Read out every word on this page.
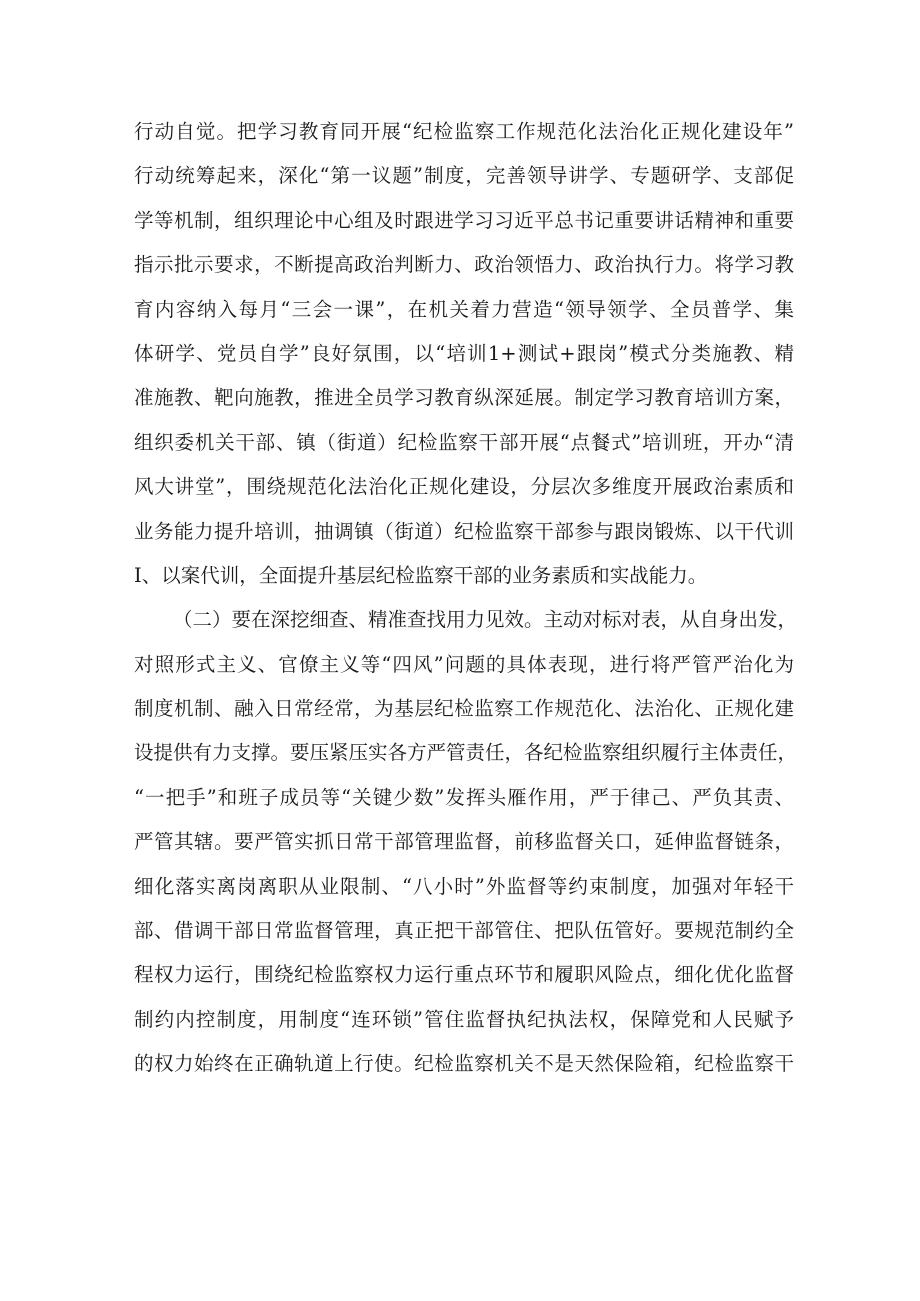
行动自觉。把学习教育同开展“纪检监察工作规范化法治化正规化建设年”
行动统筹起来，深化“第一议题”制度，完善领导讲学、专题研学、支部促
学等机制，组织理论中心组及时跟进学习习近平总书记重要讲话精神和重要
指示批示要求，不断提高政治判断力、政治领悟力、政治执行力。将学习教
育内容纳入每月“三会一课”，在机关着力营造“领导领学、全员普学、集
体研学、党员自学”良好氛围，以“培训1+测试+跟岗”模式分类施教、精
准施教、靶向施教，推进全员学习教育纵深延展。制定学习教育培训方案，
组织委机关干部、镇（街道）纪检监察干部开展“点餐式”培训班，开办“清
风大讲堂”，围绕规范化法治化正规化建设，分层次多维度开展政治素质和
业务能力提升培训，抽调镇（街道）纪检监察干部参与跟岗锻炼、以干代训
I、以案代训，全面提升基层纪检监察干部的业务素质和实战能力。
（二）要在深挖细查、精准查找用力见效。主动对标对表，从自身出发，
对照形式主义、官僚主义等“四风”问题的具体表现，进行将严管严治化为
制度机制、融入日常经常，为基层纪检监察工作规范化、法治化、正规化建
设提供有力支撑。要压紧压实各方严管责任，各纪检监察组织履行主体责任，
“一把手”和班子成员等“关键少数”发挥头雁作用，严于律己、严负其责、
严管其辖。要严管实抓日常干部管理监督，前移监督关口，延伸监督链条，
细化落实离岗离职从业限制、“八小时”外监督等约束制度，加强对年轻干
部、借调干部日常监督管理，真正把干部管住、把队伍管好。要规范制约全
程权力运行，围绕纪检监察权力运行重点环节和履职风险点，细化优化监督
制约内控制度，用制度“连环锁”管住监督执纪执法权，保障党和人民赋予
的权力始终在正确轨道上行使。纪检监察机关不是天然保险箱，纪检监察干
